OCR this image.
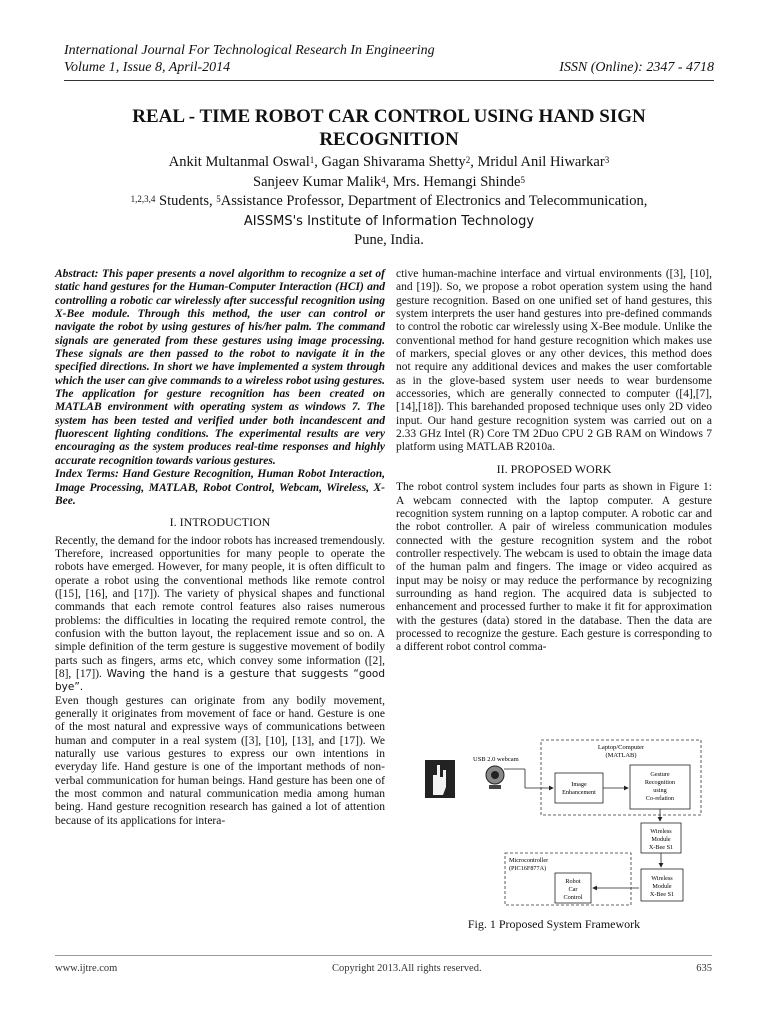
International Journal For Technological Research In Engineering
Volume 1, Issue 8, April-2014	ISSN (Online): 2347 - 4718
REAL - TIME ROBOT CAR CONTROL USING HAND SIGN
RECOGNITION
Ankit Multanmal Oswal$^1$, Gagan Shivarama Shetty$^2$, Mridul Anil Hiwarkar$^3$
Sanjeev Kumar Malik$^4$, Mrs. Hemangi Shinde$^5$
$^{1,2,3,4}$ Students, $^5$Assistance Professor, Department of Electronics and Telecommunication,
AISSMS's Institute of Information Technology
Pune, India.

Abstract: This paper presents a novel algorithm to recognize a set of static hand gestures for the Human-Computer Interaction (HCI) and controlling a robotic car wirelessly after successful recognition using X-Bee module. Through this method, the user can control or navigate the robot by using gestures of his/her palm. The command signals are generated from these gestures using image processing. These signals are then passed to the robot to navigate it in the specified directions. In short we have implemented a system through which the user can give commands to a wireless robot using gestures. The application for gesture recognition has been created on MATLAB environment with operating system as windows 7. The system has been tested and verified under both incandescent and fluorescent lighting conditions. The experimental results are very encouraging as the system produces real-time responses and highly accurate recognition towards various gestures.

Index Terms: Hand Gesture Recognition, Human Robot Interaction, Image Processing, MATLAB, Robot Control, Webcam, Wireless, X-Bee.

I. INTRODUCTION

Recently, the demand for the indoor robots has increased tremendously. Therefore, increased opportunities for many people to operate the robots have emerged. However, for many people, it is often difficult to operate a robot using the conventional methods like remote control ([15], [16], and [17]). The variety of physical shapes and functional commands that each remote control features also raises numerous problems: the difficulties in locating the required remote control, the confusion with the button layout, the replacement issue and so on. A simple definition of the term gesture is suggestive movement of bodily parts such as fingers, arms etc, which convey some information ([2], [8], [17]). Waving the hand is a gesture that suggests “good bye”.

Even though gestures can originate from any bodily movement, generally it originates from movement of face or hand. Gesture is one of the most natural and expressive ways of communications between human and computer in a real system ([3], [10], [13], and [17]). We naturally use various gestures to express our own intentions in everyday life. Hand gesture is one of the important methods of non-verbal communication for human beings. Hand gesture has been one of the most common and natural communication media among human being. Hand gesture recognition research has gained a lot of attention because of its applications for intera-

ctive human-machine interface and virtual environments ([3], [10], and [19]). So, we propose a robot operation system using the hand gesture recognition. Based on one unified set of hand gestures, this system interprets the user hand gestures into pre-defined commands to control the robotic car wirelessly using X-Bee module. Unlike the conventional method for hand gesture recognition which makes use of markers, special gloves or any other devices, this method does not require any additional devices and makes the user comfortable as in the glove-based system user needs to wear burdensome accessories, which are generally connected to computer ([4],[7],[14],[18]). This barehanded proposed technique uses only 2D video input. Our hand gesture recognition system was carried out on a 2.33 GHz Intel (R) Core TM 2Duo CPU 2 GB RAM on Windows 7 platform using MATLAB R2010a.

II. PROPOSED WORK

The robot control system includes four parts as shown in Figure 1: A webcam connected with the laptop computer. A gesture recognition system running on a laptop computer. A robotic car and the robot controller. A pair of wireless communication modules connected with the gesture recognition system and the robot controller respectively. The webcam is used to obtain the image data of the human palm and fingers. The image or video acquired as input may be noisy or may reduce the performance by recognizing surrounding as hand region. The acquired data is subjected to enhancement and processed further to make it fit for approximation with the gestures (data) stored in the database. Then the data are processed to recognize the gesture. Each gesture is corresponding to a different robot control comma-

USB 2.0 webcam
Laptop/Computer
(MATLAB)
Image
Enhancement
Gesture
Recognition
using
Co-relation
Wireless
Module
X-Bee S1
Microcontroller
(PIC16F877A)
Robot
Car
Control
Wireless
Module
X-Bee S1
Fig. 1 Proposed System Framework
www.ijtre.com	Copyright 2013.All rights reserved.	635
